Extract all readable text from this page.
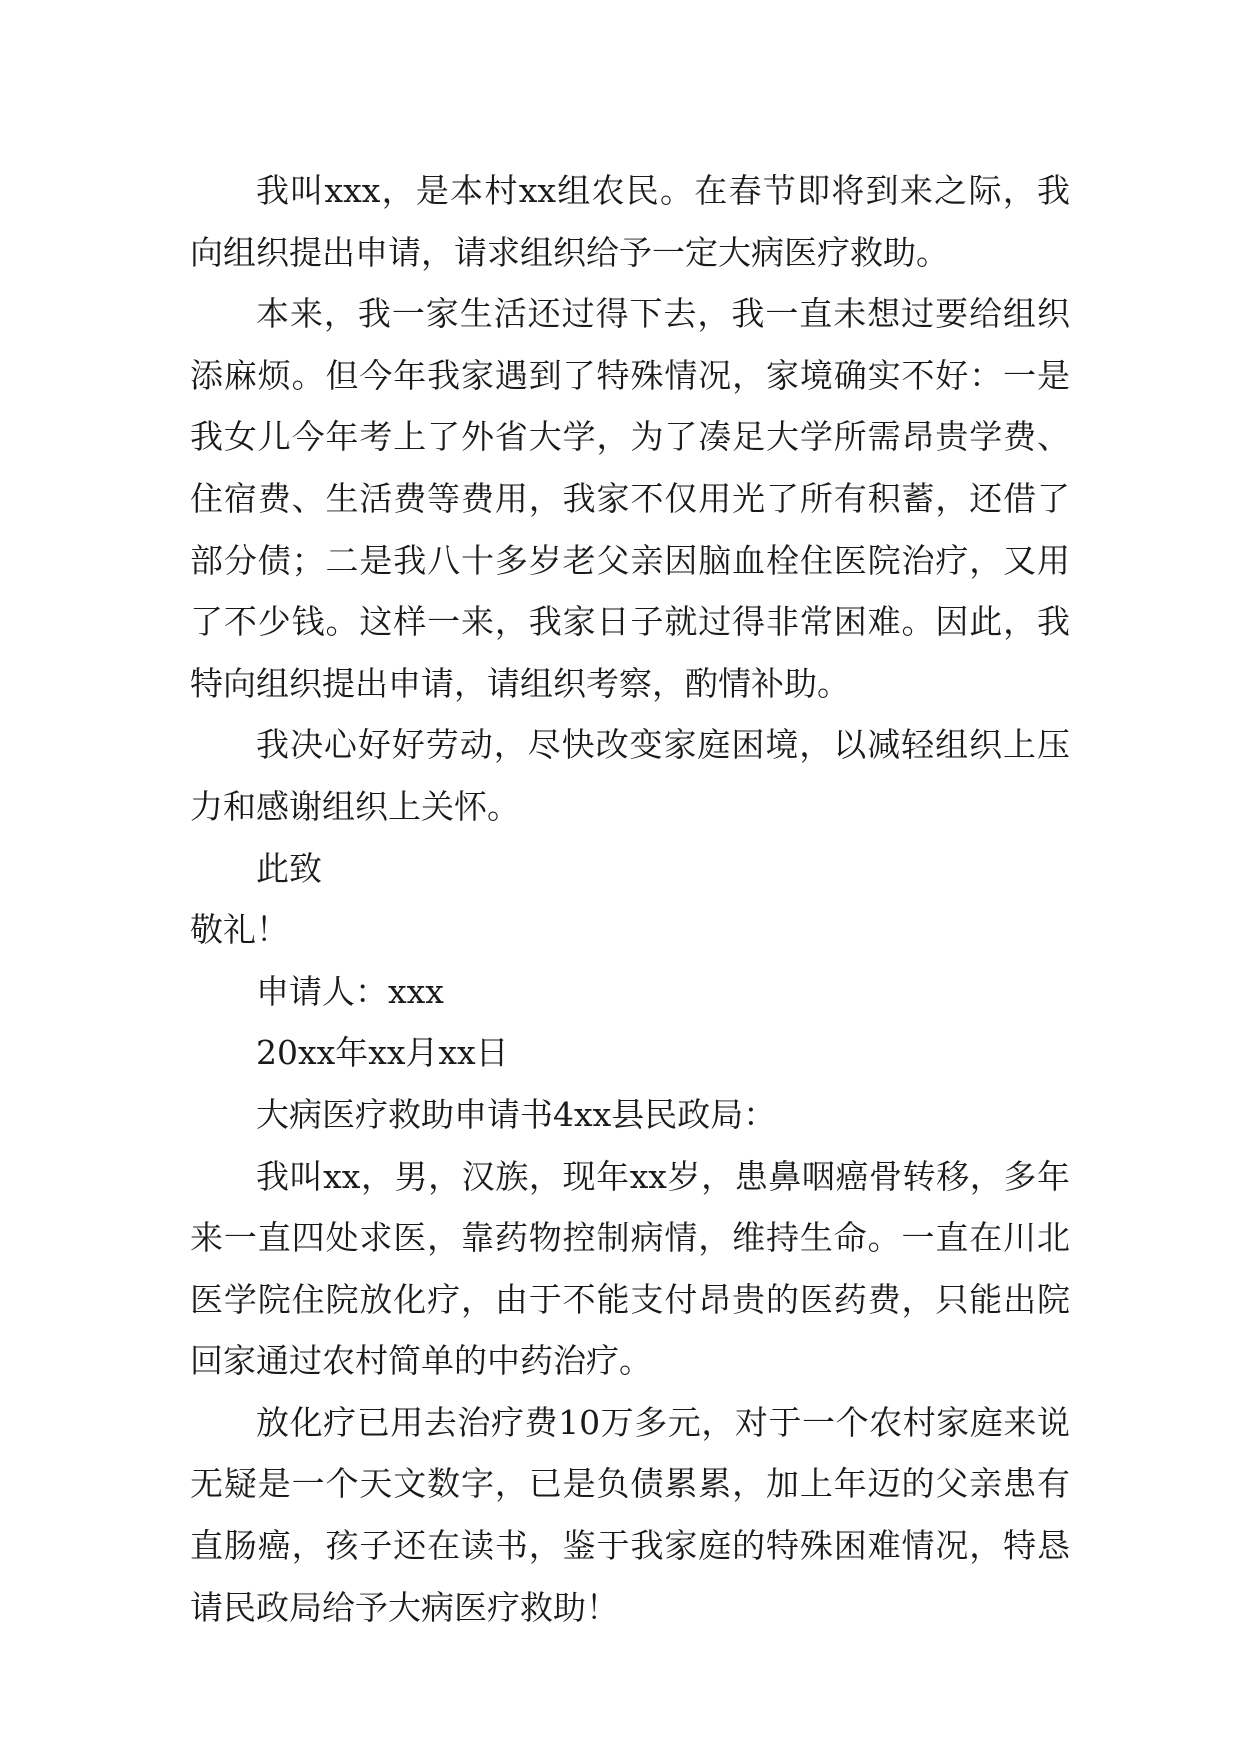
我叫xxx，是本村xx组农民。在春节即将到来之际，我向组织提出申请，请求组织给予一定大病医疗救助。

本来，我一家生活还过得下去，我一直未想过要给组织添麻烦。但今年我家遇到了特殊情况，家境确实不好：一是我女儿今年考上了外省大学，为了凑足大学所需昂贵学费、住宿费、生活费等费用，我家不仅用光了所有积蓄，还借了部分债；二是我八十多岁老父亲因脑血栓住医院治疗，又用了不少钱。这样一来，我家日子就过得非常困难。因此，我特向组织提出申请，请组织考察，酌情补助。

我决心好好劳动，尽快改变家庭困境，以减轻组织上压力和感谢组织上关怀。

此致

敬礼！

申请人：xxx

20xx年xx月xx日

大病医疗救助申请书4xx县民政局：

我叫xx，男，汉族，现年xx岁，患鼻咽癌骨转移，多年来一直四处求医，靠药物控制病情，维持生命。一直在川北医学院住院放化疗，由于不能支付昂贵的医药费，只能出院回家通过农村简单的中药治疗。

放化疗已用去治疗费10万多元，对于一个农村家庭来说无疑是一个天文数字，已是负债累累，加上年迈的父亲患有直肠癌，孩子还在读书，鉴于我家庭的特殊困难情况，特恳请民政局给予大病医疗救助！
